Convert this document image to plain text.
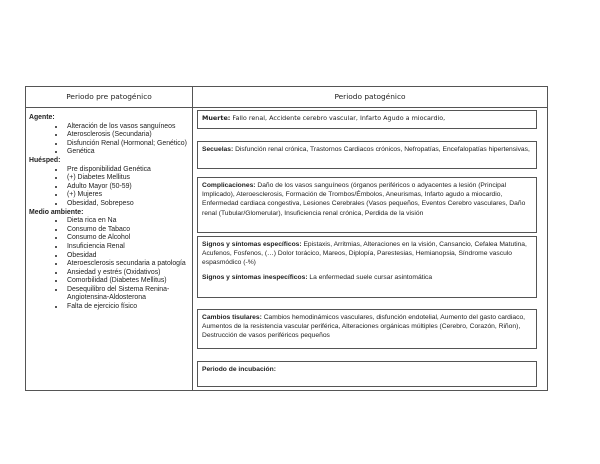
Periodo pre patogénico	Periodo patogénico
Agente:
• Alteración de los vasos sanguíneos
• Aterosclerosis (Secundaria)
• Disfunción Renal (Hormonal; Genético)
• Genética
Huésped:
• Pre disponibilidad Genética
• (+) Diabetes Mellitus
• Adulto Mayor (50-59)
• (+) Mujeres
• Obesidad, Sobrepeso
Medio ambiente:
• Dieta rica en Na
• Consumo de Tabaco
• Consumo de Alcohol
• Insuficiencia Renal
• Obesidad
• Ateroesclerosis secundaria a patología
• Ansiedad y estrés (Oxidativos)
• Comorbilidad (Diabetes Mellitus)
• Desequilibro del Sistema Renina-Angiotensina-Aldosterona
• Falta de ejercicio físico
Muerte: Fallo renal, Accidente cerebro vascular, Infarto Agudo a miocardio,
Secuelas: Disfunción renal crónica, Trastornos Cardiacos crónicos, Nefropatías, Encefalopatías hipertensivas,
Complicaciones: Daño de los vasos sanguíneos (órganos periféricos o adyacentes a lesión (Principal Implicado), Ateroesclerosis, Formación de Trombos/Émbolos, Aneurismas, Infarto agudo a miocardio, Enfermedad cardiaca congestiva, Lesiones Cerebrales (Vasos pequeños, Eventos Cerebro vasculares, Daño renal (Tubular/Glomerular), Insuficiencia renal crónica, Perdida de la visión

Signos y síntomas específicos: Epistaxis, Arritmias, Alteraciones en la visión, Cansancio, Cefalea Matutina, Acufenos, Fosfenos, (…) Dolor torácico, Mareos, Diplopía, Parestesias, Hemianopsia, Síndrome vasculo espasmódico (-%)

Signos y síntomas inespecíficos: La enfermedad suele cursar asintomática

Cambios tisulares: Cambios hemodinámicos vasculares, disfunción endotelial, Aumento del gasto cardiaco, Aumentos de la resistencia vascular periférica, Alteraciones orgánicas múltiples (Cerebro, Corazón, Riñon), Destrucción de vasos periféricos pequeños
Periodo de incubación:
